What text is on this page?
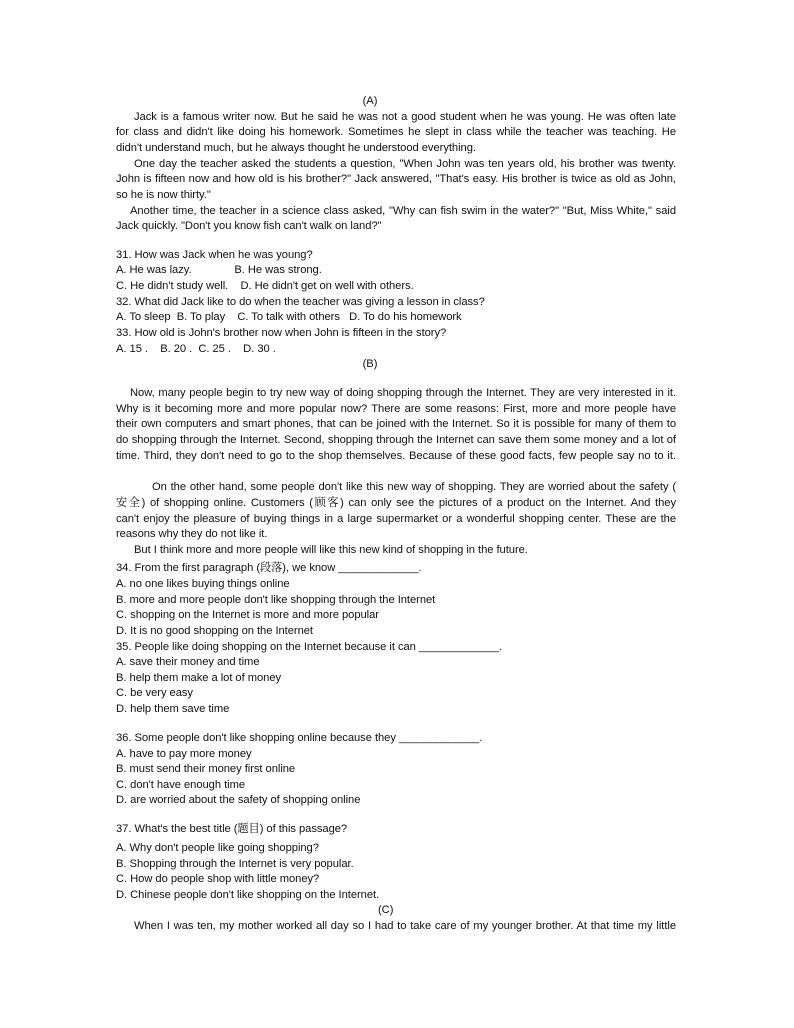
(A)
Jack is a famous writer now. But he said he was not a good student when he was young. He was often late
for class and didn't like doing his homework. Sometimes he slept in class while the teacher was teaching. He
didn't understand much, but he always thought he understood everything.
One day the teacher asked the students a question, "When John was ten years old, his brother was twenty.
John is fifteen now and how old is his brother?" Jack answered, "That's easy. His brother is twice as old as John,
so he is now thirty."
Another time, the teacher in a science class asked, "Why can fish swim in the water?" "But, Miss White," said
Jack quickly. "Don't you know fish can't walk on land?"
31. How was Jack when he was young?
A. He was lazy.              B. He was strong.
C. He didn't study well.    D. He didn't get on well with others.
32. What did Jack like to do when the teacher was giving a lesson in class?
A. To sleep  B. To play    C. To talk with others   D. To do his homework
33. How old is John's brother now when John is fifteen in the story?
A. 15 .    B. 20 .  C. 25 .    D. 30 .
(B)
Now, many people begin to try new way of doing shopping through the Internet. They are very interested in it.
Why is it becoming more and more popular now? There are some reasons: First, more and more people have
their own computers and smart phones, that can be joined with the Internet. So it is possible for many of them to
do shopping through the Internet. Second, shopping through the Internet can save them some money and a lot of
time. Third, they don't need to go to the shop themselves. Because of these good facts, few people say no to it.
On the other hand, some people don't like this new way of shopping. They are worried about the safety (
安全) of shopping online. Customers (顾客) can only see the pictures of a product on the Internet. And they
can't enjoy the pleasure of buying things in a large supermarket or a wonderful shopping center. These are the
reasons why they do not like it.
But I think more and more people will like this new kind of shopping in the future.
34. From the first paragraph (段落), we know _____________.
A. no one likes buying things online
B. more and more people don't like shopping through the Internet
C. shopping on the Internet is more and more popular
D. It is no good shopping on the Internet
35. People like doing shopping on the Internet because it can _____________.
A. save their money and time
B. help them make a lot of money
C. be very easy
D. help them save time
36. Some people don't like shopping online because they _____________.
A. have to pay more money
B. must send their money first online
C. don't have enough time
D. are worried about the safety of shopping online
37. What's the best title (题目) of this passage?
A. Why don't people like going shopping?
B. Shopping through the Internet is very popular.
C. How do people shop with little money?
D. Chinese people don't like shopping on the Internet.
(C)
When I was ten, my mother worked all day so I had to take care of my younger brother. At that time my little
